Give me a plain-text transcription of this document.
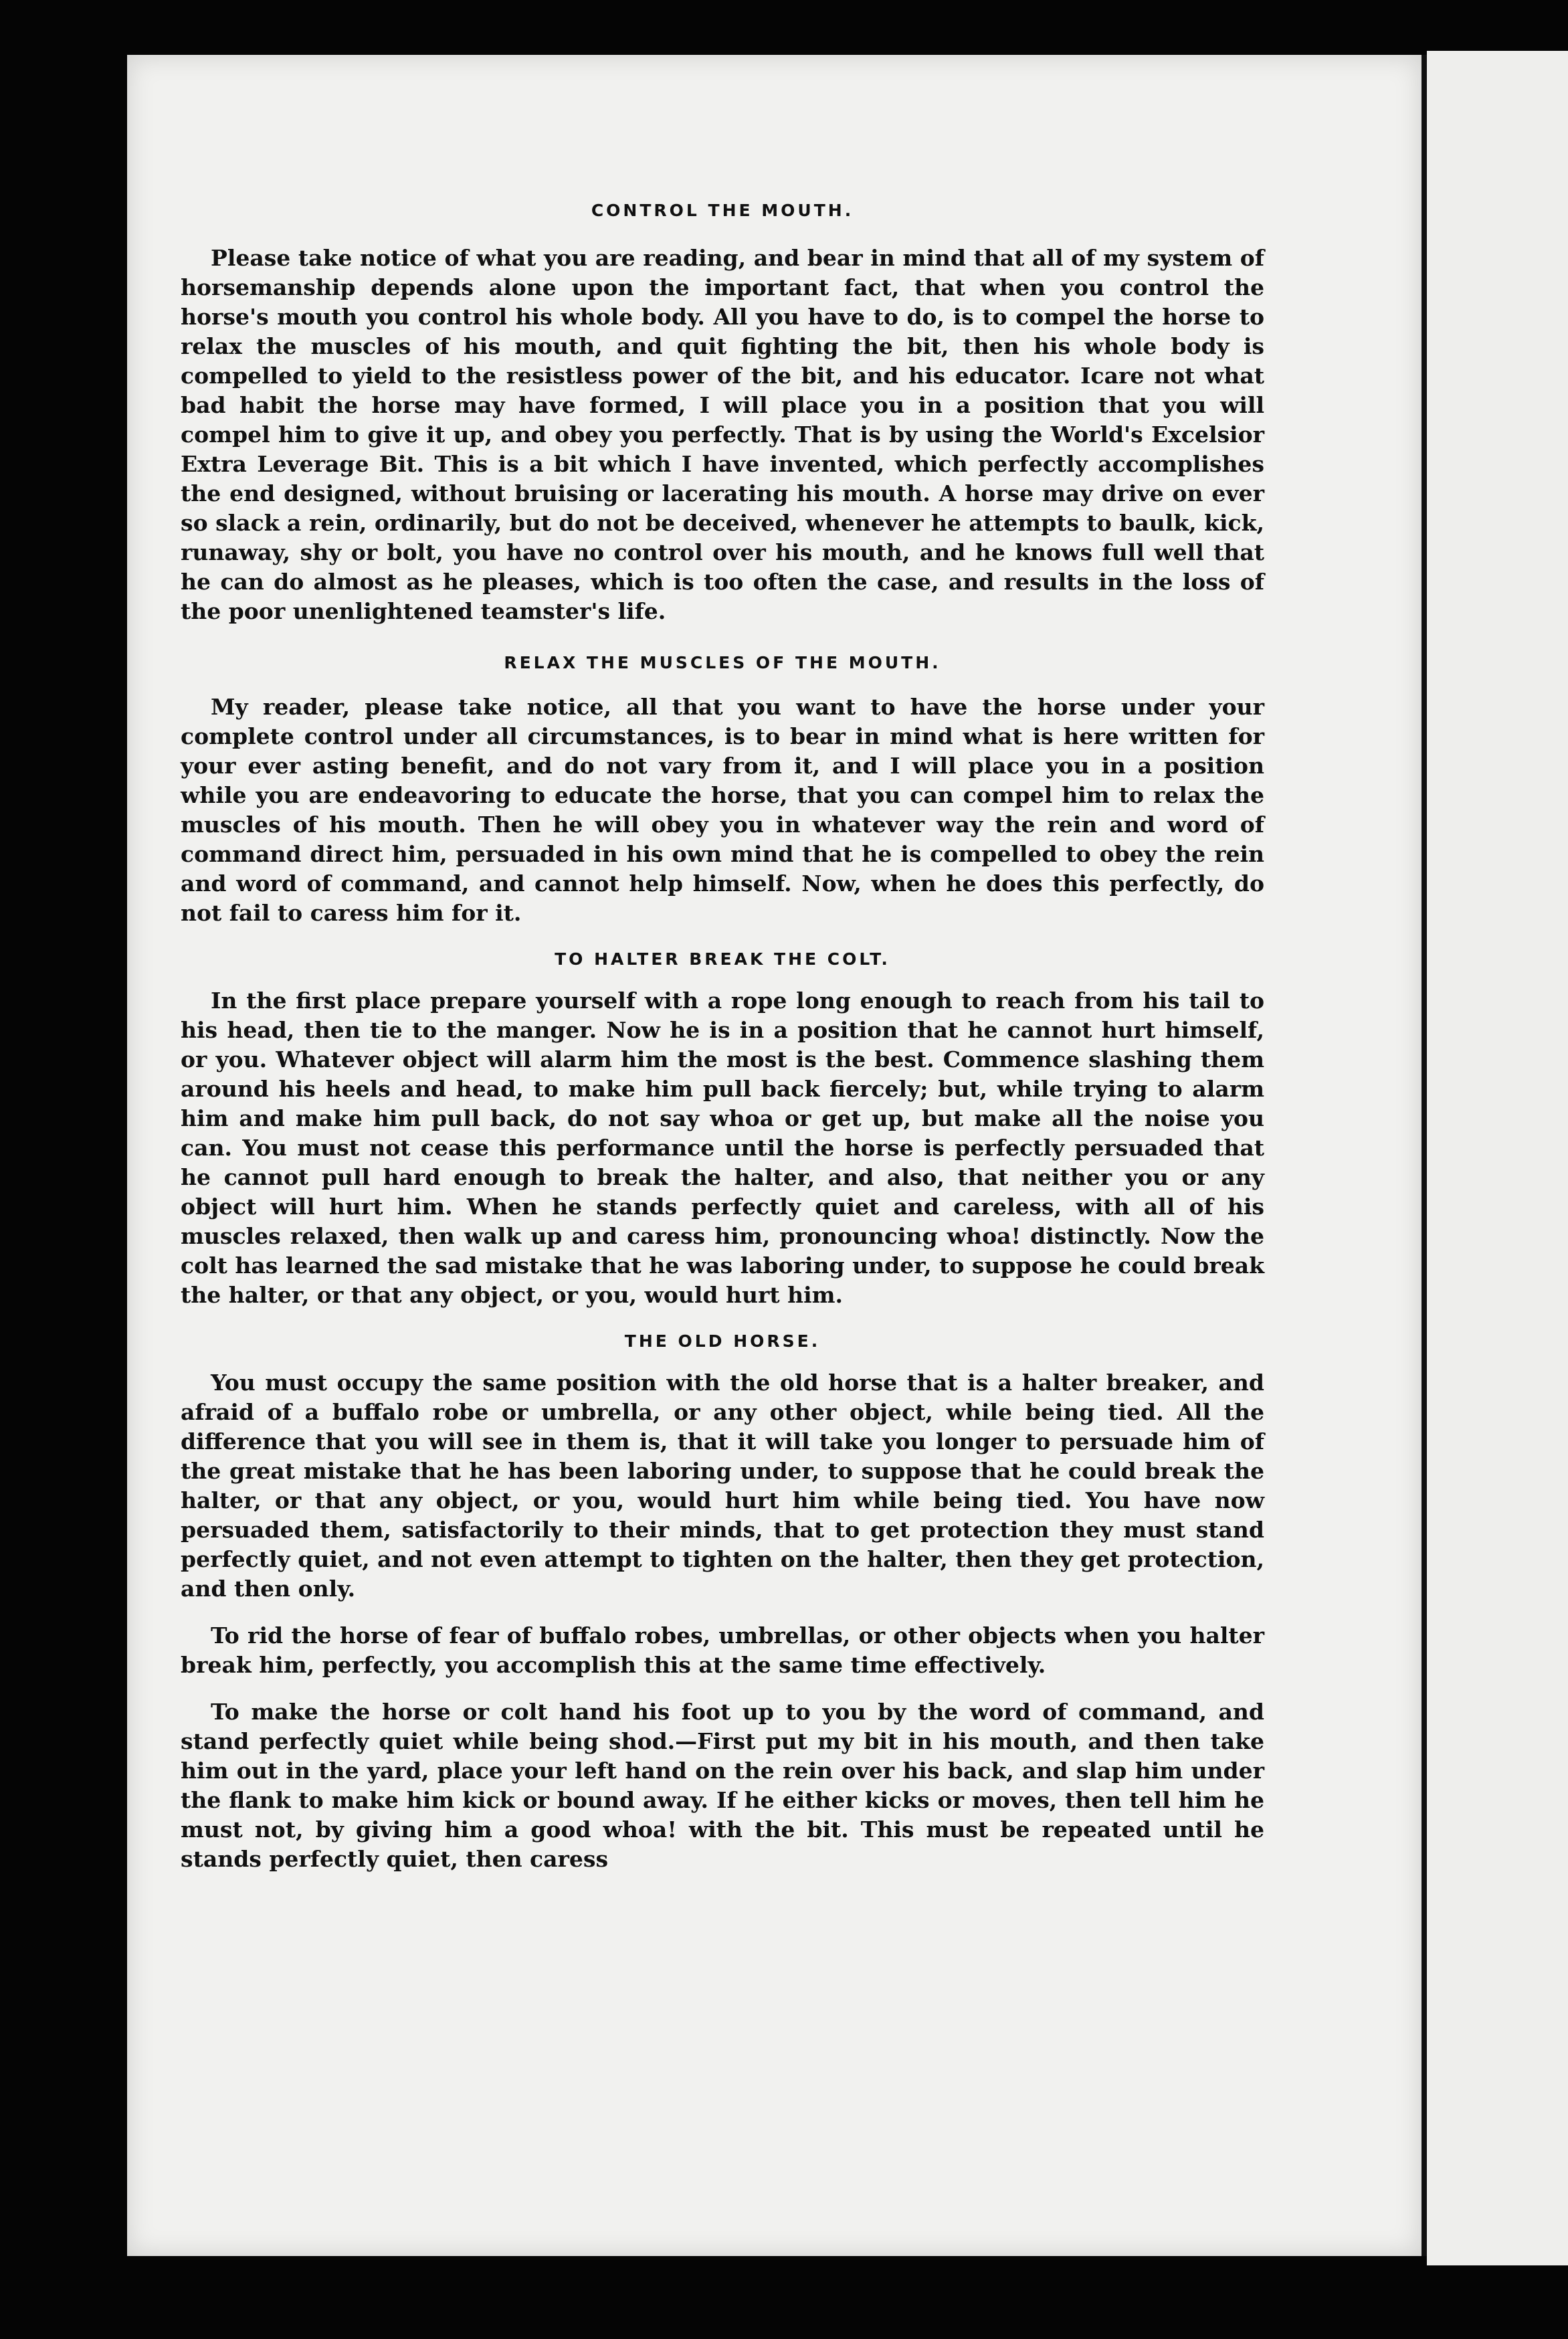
CONTROL THE MOUTH.

Please take notice of what you are reading, and bear in mind that all of my system of horsemanship depends alone upon the important fact, that when you control the horse's mouth you control his whole body. All you have to do, is to compel the horse to relax the muscles of his mouth, and quit fighting the bit, then his whole body is compelled to yield to the resistless power of the bit, and his educator. Icare not what bad habit the horse may have formed, I will place you in a position that you will compel him to give it up, and obey you perfectly. That is by using the World's Excelsior Extra Leverage Bit. This is a bit which I have invented, which perfectly accomplishes the end designed, without bruising or lacerating his mouth. A horse may drive on ever so slack a rein, ordinarily, but do not be deceived, whenever he attempts to baulk, kick, runaway, shy or bolt, you have no control over his mouth, and he knows full well that he can do almost as he pleases, which is too often the case, and results in the loss of the poor unenlightened teamster's life.

RELAX THE MUSCLES OF THE MOUTH.

My reader, please take notice, all that you want to have the horse under your complete control under all circumstances, is to bear in mind what is here written for your ever asting benefit, and do not vary from it, and I will place you in a position while you are endeavoring to educate the horse, that you can compel him to relax the muscles of his mouth. Then he will obey you in whatever way the rein and word of command direct him, persuaded in his own mind that he is compelled to obey the rein and word of command, and cannot help himself. Now, when he does this perfectly, do not fail to caress him for it.

TO HALTER BREAK THE COLT.

In the first place prepare yourself with a rope long enough to reach from his tail to his head, then tie to the manger. Now he is in a position that he cannot hurt himself, or you. Whatever object will alarm him the most is the best. Commence slashing them around his heels and head, to make him pull back fiercely; but, while trying to alarm him and make him pull back, do not say whoa or get up, but make all the noise you can. You must not cease this performance until the horse is perfectly persuaded that he cannot pull hard enough to break the halter, and also, that neither you or any object will hurt him. When he stands perfectly quiet and careless, with all of his muscles relaxed, then walk up and caress him, pronouncing whoa! distinctly. Now the colt has learned the sad mistake that he was laboring under, to suppose he could break the halter, or that any object, or you, would hurt him.

THE OLD HORSE.

You must occupy the same position with the old horse that is a halter breaker, and afraid of a buffalo robe or umbrella, or any other object, while being tied. All the difference that you will see in them is, that it will take you longer to persuade him of the great mistake that he has been laboring under, to suppose that he could break the halter, or that any object, or you, would hurt him while being tied. You have now persuaded them, satisfactorily to their minds, that to get protection they must stand perfectly quiet, and not even attempt to tighten on the halter, then they get protection, and then only.

To rid the horse of fear of buffalo robes, umbrellas, or other objects when you halter break him, perfectly, you accomplish this at the same time effectively.

To make the horse or colt hand his foot up to you by the word of command, and stand perfectly quiet while being shod.—First put my bit in his mouth, and then take him out in the yard, place your left hand on the rein over his back, and slap him under the flank to make him kick or bound away. If he either kicks or moves, then tell him he must not, by giving him a good whoa! with the bit. This must be repeated until he stands perfectly quiet, then caress
